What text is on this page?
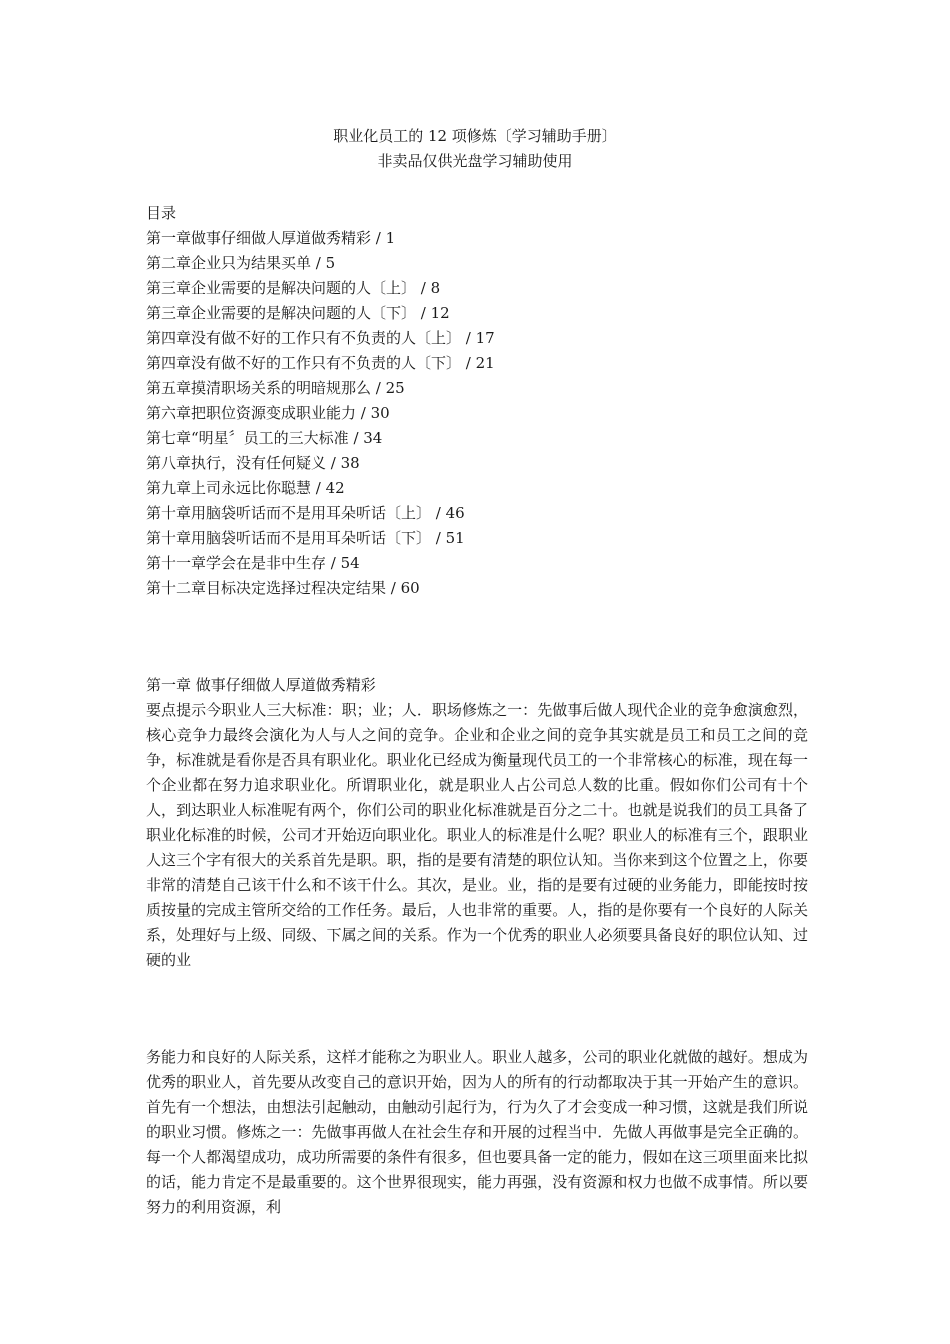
职业化员工的 12 项修炼〔学习辅助手册〕
非卖品仅供光盘学习辅助使用
目录
第一章做事仔细做人厚道做秀精彩 / 1
第二章企业只为结果买单 / 5
第三章企业需要的是解决问题的人〔上〕 / 8
第三章企业需要的是解决问题的人〔下〕 / 12
第四章没有做不好的工作只有不负责的人〔上〕 / 17
第四章没有做不好的工作只有不负责的人〔下〕 / 21
第五章摸清职场关系的明暗规那么 / 25
第六章把职位资源变成职业能力 / 30
第七章“明星〞员工的三大标准 / 34
第八章执行，没有任何疑义 / 38
第九章上司永远比你聪慧 / 42
第十章用脑袋听话而不是用耳朵听话〔上〕 / 46
第十章用脑袋听话而不是用耳朵听话〔下〕 / 51
第十一章学会在是非中生存 / 54
第十二章目标决定选择过程决定结果 / 60
第一章 做事仔细做人厚道做秀精彩
要点提示今职业人三大标准：职；业；人．职场修炼之一：先做事后做人现代企业的竞争愈演愈烈，核心竞争力最终会演化为人与人之间的竞争。企业和企业之间的竞争其实就是员工和员工之间的竞争，标准就是看你是否具有职业化。职业化已经成为衡量现代员工的一个非常核心的标准，现在每一个企业都在努力追求职业化。所谓职业化，就是职业人占公司总人数的比重。假如你们公司有十个人，到达职业人标准呢有两个，你们公司的职业化标准就是百分之二十。也就是说我们的员工具备了职业化标准的时候，公司才开始迈向职业化。职业人的标准是什么呢？职业人的标准有三个，跟职业人这三个字有很大的关系首先是职。职，指的是要有清楚的职位认知。当你来到这个位置之上，你要非常的清楚自己该干什么和不该干什么。其次，是业。业，指的是要有过硬的业务能力，即能按时按质按量的完成主管所交给的工作任务。最后，人也非常的重要。人，指的是你要有一个良好的人际关系，处理好与上级、同级、下属之间的关系。作为一个优秀的职业人必须要具备良好的职位认知、过硬的业
务能力和良好的人际关系，这样才能称之为职业人。职业人越多，公司的职业化就做的越好。想成为优秀的职业人，首先要从改变自己的意识开始，因为人的所有的行动都取决于其一开始产生的意识。首先有一个想法，由想法引起触动，由触动引起行为，行为久了才会变成一种习惯，这就是我们所说的职业习惯。修炼之一：先做事再做人在社会生存和开展的过程当中．先做人再做事是完全正确的。每一个人都渴望成功，成功所需要的条件有很多，但也要具备一定的能力，假如在这三项里面来比拟的话，能力肯定不是最重要的。这个世界很现实，能力再强，没有资源和权力也做不成事情。所以要努力的利用资源，利
